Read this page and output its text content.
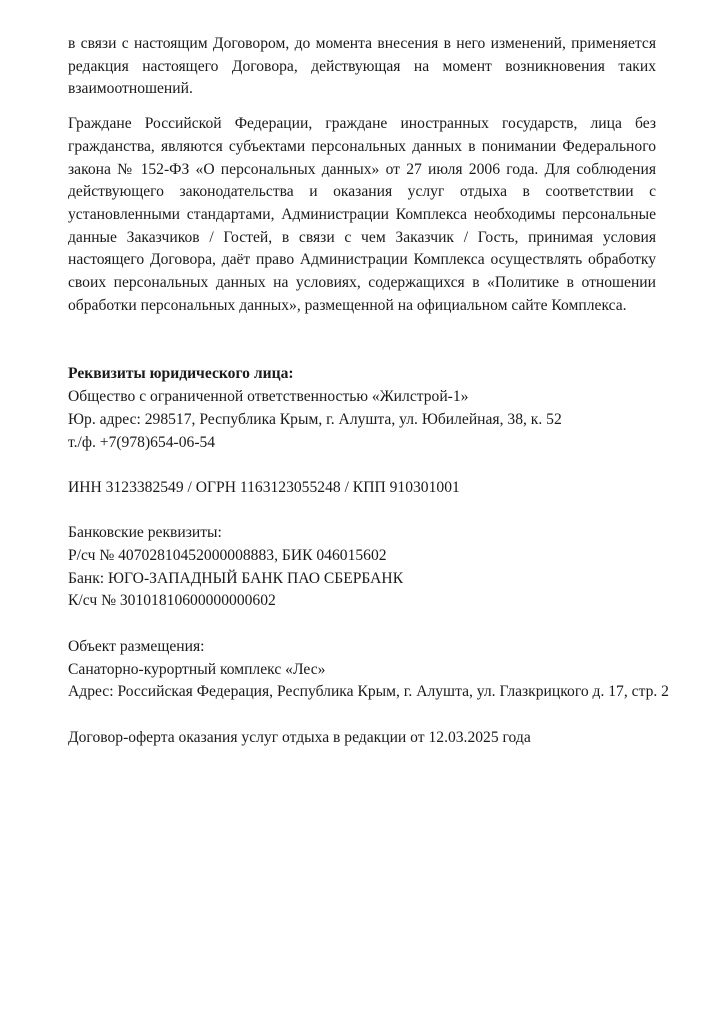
в связи с настоящим Договором, до момента внесения в него изменений, применяется редакция настоящего Договора, действующая на момент возникновения таких взаимоотношений.

Граждане Российской Федерации, граждане иностранных государств, лица без гражданства, являются субъектами персональных данных в понимании Федерального закона № 152-ФЗ «О персональных данных» от 27 июля 2006 года. Для соблюдения действующего законодательства и оказания услуг отдыха в соответствии с установленными стандартами, Администрации Комплекса необходимы персональные данные Заказчиков / Гостей, в связи с чем Заказчик / Гость, принимая условия настоящего Договора, даёт право Администрации Комплекса осуществлять обработку своих персональных данных на условиях, содержащихся в «Политике в отношении обработки персональных данных», размещенной на официальном сайте Комплекса.

Реквизиты юридического лица:
Общество с ограниченной ответственностью «Жилстрой-1»
Юр. адрес: 298517, Республика Крым, г. Алушта, ул. Юбилейная, 38, к. 52
т./ф. +7(978)654-06-54
ИНН 3123382549 / ОГРН 1163123055248 / КПП 910301001
Банковские реквизиты:
Р/сч № 40702810452000008883, БИК 046015602
Банк: ЮГО-ЗАПАДНЫЙ БАНК ПАО СБЕРБАНК
К/сч № 30101810600000000602
Объект размещения:
Санаторно-курортный комплекс «Лес»
Адрес: Российская Федерация, Республика Крым, г. Алушта, ул. Глазкрицкого д. 17, стр. 2
Договор-оферта оказания услуг отдыха в редакции от 12.03.2025 года
